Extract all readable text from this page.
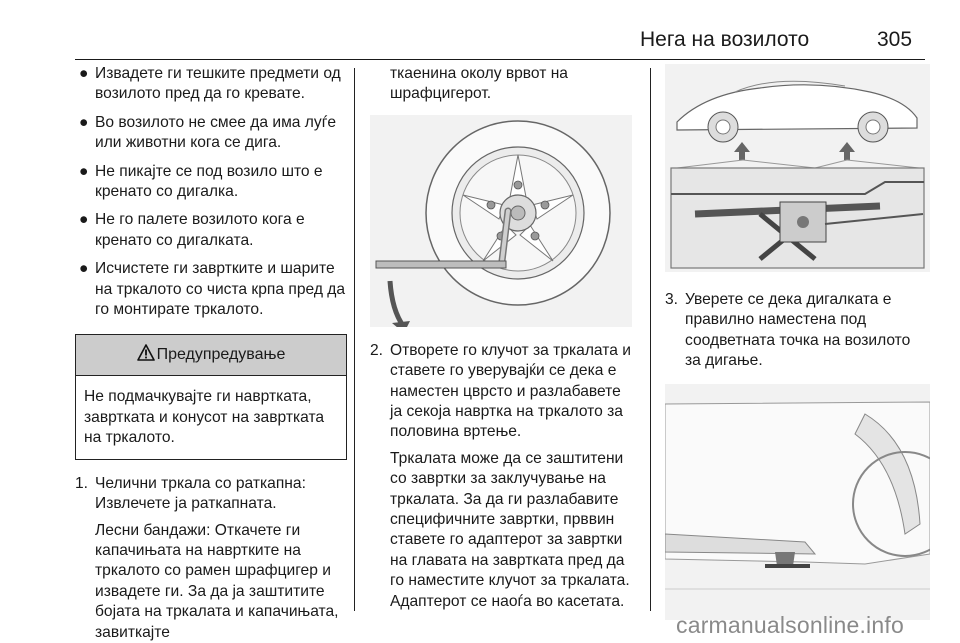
Нега на возилото	305
● Извадете ги тешките предмети од возилото пред да го кревате.
● Во возилото не смее да има луѓе или животни кога се дига.
● Не пикајте се под возило што е кренато со дигалка.
● Не го палете возилото кога е кренато со дигалката.
● Исчистете ги завртките и шарите на тркалото со чиста крпа пред да го монтирате тркалото.
Предупредување
Не подмачкувајте ги навртката, завртката и конусот на завртката на тркалото.
1. Челични тркала со раткапна: Извлечете ја раткапната.
Лесни бандажи: Откачете ги капачињата на навртките на тркалото со рамен шрафцигер и извадете ги. За да ја заштитите бојата на тркалата и капачињата, завиткајте
ткаенина околу врвот на шрафцигерот.
2. Отворете го клучот за тркалата и ставете го уверувајќи се дека е наместен цврсто и разлабавете ја секоја навртка на тркалото за половина вртење.
Тркалата може да се заштитени со завртки за заклучување на тркалата. За да ги разлабавите специфичните завртки, прввин ставете го адаптерот за завртки на главата на завртката пред да го наместите клучот за тркалата. Адаптерот се наоѓа во касетата.
3. Уверете се дека дигалката е правилно наместена под соодветната точка на возилото за дигање.
carmanualsonline.info
